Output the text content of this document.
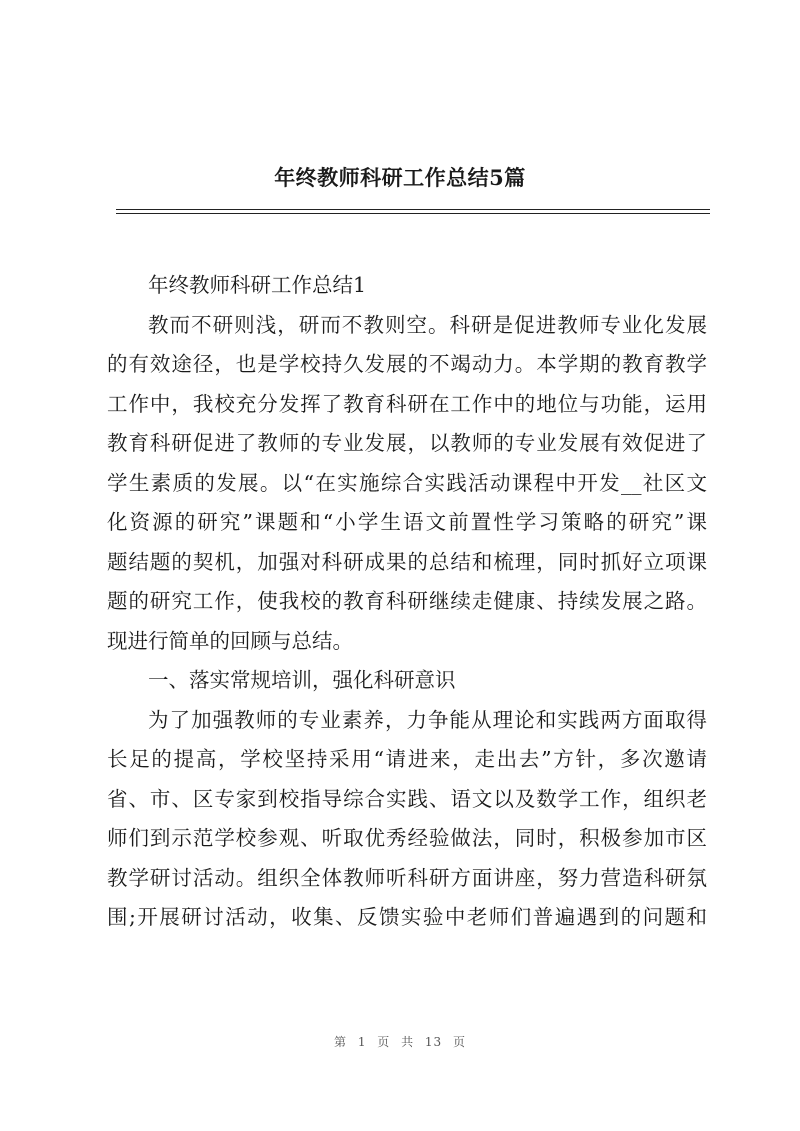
年终教师科研工作总结5篇
年终教师科研工作总结1
教而不研则浅，研而不教则空。科研是促进教师专业化发展
的有效途径，也是学校持久发展的不竭动力。本学期的教育教学
工作中，我校充分发挥了教育科研在工作中的地位与功能，运用
教育科研促进了教师的专业发展，以教师的专业发展有效促进了
学生素质的发展。以“在实施综合实践活动课程中开发__社区文
化资源的研究”课题和“小学生语文前置性学习策略的研究”课
题结题的契机，加强对科研成果的总结和梳理，同时抓好立项课
题的研究工作，使我校的教育科研继续走健康、持续发展之路。
现进行简单的回顾与总结。
一、落实常规培训，强化科研意识
为了加强教师的专业素养，力争能从理论和实践两方面取得
长足的提高，学校坚持采用“请进来，走出去”方针，多次邀请
省、市、区专家到校指导综合实践、语文以及数学工作，组织老
师们到示范学校参观、听取优秀经验做法，同时，积极参加市区
教学研讨活动。组织全体教师听科研方面讲座，努力营造科研氛
围;开展研讨活动，收集、反馈实验中老师们普遍遇到的问题和
第 1 页 共 13 页
